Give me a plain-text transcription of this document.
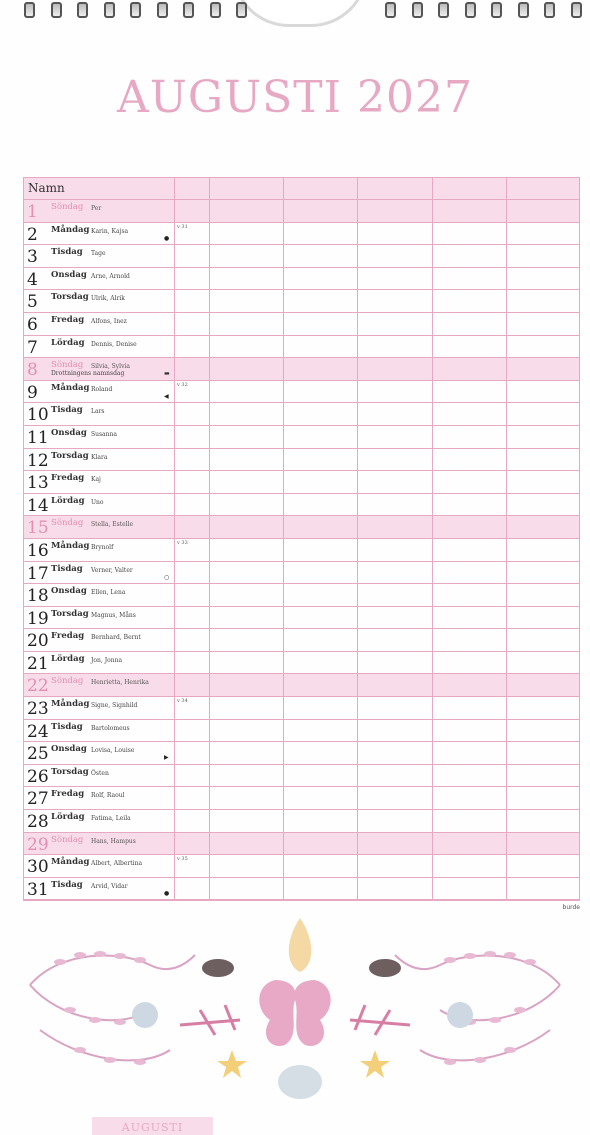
AUGUSTI 2027
Namn
1 Söndag Per
2 Måndag Karin, Kajsa
v 31
●
3 Tisdag Tage
4 Onsdag Arne, Arnold
5 Torsdag Ulrik, Alrik
6 Fredag Alfons, Inez
7 Lördag Dennis, Denise
8 Söndag Silvia, Sylvia
Drottningens namnsdag	▬
9 Måndag Roland
v 32
◀
10 Tisdag Lars
11 Onsdag Susanna
12 Torsdag Klara
13 Fredag Kaj
14 Lördag Uno
15 Söndag Stella, Estelle
16 Måndag Brynolf
v 33
17 Tisdag Verner, Valter
○
18 Onsdag Ellen, Lena
19 Torsdag Magnus, Måns
20 Fredag Bernhard, Bernt
21 Lördag Jon, Jonna
22 Söndag Henrietta, Henrika
23 Måndag Signe, Signhild
v 34
24 Tisdag Bartolomeus
25 Onsdag Lovisa, Louise
▶
26 Torsdag Östen
27 Fredag Rolf, Raoul
28 Lördag Fatima, Leila
29 Söndag Hans, Hampus
30 Måndag Albert, Albertina
v 35
31 Tisdag Arvid, Vidar
●
burde
AUGUSTI
